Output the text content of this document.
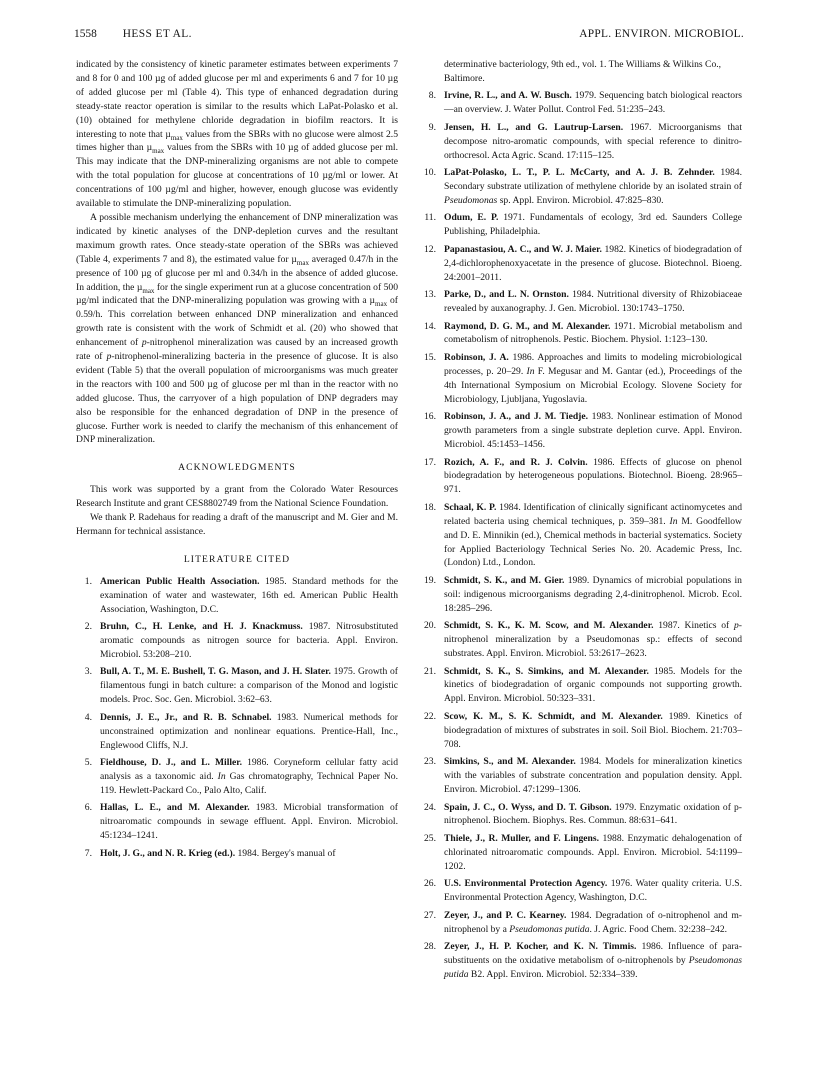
1558 HESS ET AL.	APPL. ENVIRON. MICROBIOL.

indicated by the consistency of kinetic parameter estimates between experiments 7 and 8 for 0 and 100 µg of added glucose per ml and experiments 6 and 7 for 10 µg of added glucose per ml (Table 4). This type of enhanced degradation during steady-state reactor operation is similar to the results which LaPat-Polasko et al. (10) obtained for methylene chloride degradation in biofilm reactors. It is interesting to note that µ$_{max}$ values from the SBRs with no glucose were almost 2.5 times higher than µ$_{max}$ values from the SBRs with 10 µg of added glucose per ml. This may indicate that the DNP-mineralizing organisms are not able to compete with the total population for glucose at concentrations of 10 µg/ml or lower. At concentrations of 100 µg/ml and higher, however, enough glucose was evidently available to stimulate the DNP-mineralizing population.

A possible mechanism underlying the enhancement of DNP mineralization was indicated by kinetic analyses of the DNP-depletion curves and the resultant maximum growth rates. Once steady-state operation of the SBRs was achieved (Table 4, experiments 7 and 8), the estimated value for µ$_{max}$ averaged 0.47/h in the presence of 100 µg of glucose per ml and 0.34/h in the absence of added glucose. In addition, the µ$_{max}$ for the single experiment run at a glucose concentration of 500 µg/ml indicated that the DNP-mineralizing population was growing with a µ$_{max}$ of 0.59/h. This correlation between enhanced DNP mineralization and enhanced growth rate is consistent with the work of Schmidt et al. (20) who showed that enhancement of p-nitrophenol mineralization was caused by an increased growth rate of p-nitrophenol-mineralizing bacteria in the presence of glucose. It is also evident (Table 5) that the overall population of microorganisms was much greater in the reactors with 100 and 500 µg of glucose per ml than in the reactor with no added glucose. Thus, the carryover of a high population of DNP degraders may also be responsible for the enhanced degradation of DNP in the presence of glucose. Further work is needed to clarify the mechanism of this enhancement of DNP mineralization.

ACKNOWLEDGMENTS

This work was supported by a grant from the Colorado Water Resources Research Institute and grant CES8802749 from the National Science Foundation.

We thank P. Radehaus for reading a draft of the manuscript and M. Gier and M. Hermann for technical assistance.

LITERATURE CITED

1. American Public Health Association. 1985. Standard methods for the examination of water and wastewater, 16th ed. American Public Health Association, Washington, D.C.

2. Bruhn, C., H. Lenke, and H. J. Knackmuss. 1987. Nitrosubstituted aromatic compounds as nitrogen source for bacteria. Appl. Environ. Microbiol. 53:208–210.

3. Bull, A. T., M. E. Bushell, T. G. Mason, and J. H. Slater. 1975. Growth of filamentous fungi in batch culture: a comparison of the Monod and logistic models. Proc. Soc. Gen. Microbiol. 3:62–63.

4. Dennis, J. E., Jr., and R. B. Schnabel. 1983. Numerical methods for unconstrained optimization and nonlinear equations. Prentice-Hall, Inc., Englewood Cliffs, N.J.

5. Fieldhouse, D. J., and L. Miller. 1986. Coryneform cellular fatty acid analysis as a taxonomic aid. In Gas chromatography, Technical Paper No. 119. Hewlett-Packard Co., Palo Alto, Calif.

6. Hallas, L. E., and M. Alexander. 1983. Microbial transformation of nitroaromatic compounds in sewage effluent. Appl. Environ. Microbiol. 45:1234–1241.

7. Holt, J. G., and N. R. Krieg (ed.). 1984. Bergey's manual of

determinative bacteriology, 9th ed., vol. 1. The Williams & Wilkins Co., Baltimore.

8. Irvine, R. L., and A. W. Busch. 1979. Sequencing batch biological reactors—an overview. J. Water Pollut. Control Fed. 51:235–243.

9. Jensen, H. L., and G. Lautrup-Larsen. 1967. Microorganisms that decompose nitro-aromatic compounds, with special reference to dinitro-orthocresol. Acta Agric. Scand. 17:115–125.

10. LaPat-Polasko, L. T., P. L. McCarty, and A. J. B. Zehnder. 1984. Secondary substrate utilization of methylene chloride by an isolated strain of Pseudomonas sp. Appl. Environ. Microbiol. 47:825–830.

11. Odum, E. P. 1971. Fundamentals of ecology, 3rd ed. Saunders College Publishing, Philadelphia.

12. Papanastasiou, A. C., and W. J. Maier. 1982. Kinetics of biodegradation of 2,4-dichlorophenoxyacetate in the presence of glucose. Biotechnol. Bioeng. 24:2001–2011.

13. Parke, D., and L. N. Ornston. 1984. Nutritional diversity of Rhizobiaceae revealed by auxanography. J. Gen. Microbiol. 130:1743–1750.

14. Raymond, D. G. M., and M. Alexander. 1971. Microbial metabolism and cometabolism of nitrophenols. Pestic. Biochem. Physiol. 1:123–130.

15. Robinson, J. A. 1986. Approaches and limits to modeling microbiological processes, p. 20–29. In F. Megusar and M. Gantar (ed.), Proceedings of the 4th International Symposium on Microbial Ecology. Slovene Society for Microbiology, Ljubljana, Yugoslavia.

16. Robinson, J. A., and J. M. Tiedje. 1983. Nonlinear estimation of Monod growth parameters from a single substrate depletion curve. Appl. Environ. Microbiol. 45:1453–1456.

17. Rozich, A. F., and R. J. Colvin. 1986. Effects of glucose on phenol biodegradation by heterogeneous populations. Biotechnol. Bioeng. 28:965–971.

18. Schaal, K. P. 1984. Identification of clinically significant actinomycetes and related bacteria using chemical techniques, p. 359–381. In M. Goodfellow and D. E. Minnikin (ed.), Chemical methods in bacterial systematics. Society for Applied Bacteriology Technical Series No. 20. Academic Press, Inc. (London) Ltd., London.

19. Schmidt, S. K., and M. Gier. 1989. Dynamics of microbial populations in soil: indigenous microorganisms degrading 2,4-dinitrophenol. Microb. Ecol. 18:285–296.

20. Schmidt, S. K., K. M. Scow, and M. Alexander. 1987. Kinetics of p-nitrophenol mineralization by a Pseudomonas sp.: effects of second substrates. Appl. Environ. Microbiol. 53:2617–2623.

21. Schmidt, S. K., S. Simkins, and M. Alexander. 1985. Models for the kinetics of biodegradation of organic compounds not supporting growth. Appl. Environ. Microbiol. 50:323–331.

22. Scow, K. M., S. K. Schmidt, and M. Alexander. 1989. Kinetics of biodegradation of mixtures of substrates in soil. Soil Biol. Biochem. 21:703–708.

23. Simkins, S., and M. Alexander. 1984. Models for mineralization kinetics with the variables of substrate concentration and population density. Appl. Environ. Microbiol. 47:1299–1306.

24. Spain, J. C., O. Wyss, and D. T. Gibson. 1979. Enzymatic oxidation of p-nitrophenol. Biochem. Biophys. Res. Commun. 88:631–641.

25. Thiele, J., R. Muller, and F. Lingens. 1988. Enzymatic dehalogenation of chlorinated nitroaromatic compounds. Appl. Environ. Microbiol. 54:1199–1202.

26. U.S. Environmental Protection Agency. 1976. Water quality criteria. U.S. Environmental Protection Agency, Washington, D.C.

27. Zeyer, J., and P. C. Kearney. 1984. Degradation of o-nitrophenol and m-nitrophenol by a Pseudomonas putida. J. Agric. Food Chem. 32:238–242.

28. Zeyer, J., H. P. Kocher, and K. N. Timmis. 1986. Influence of para-substituents on the oxidative metabolism of o-nitrophenols by Pseudomonas putida B2. Appl. Environ. Microbiol. 52:334–339.
